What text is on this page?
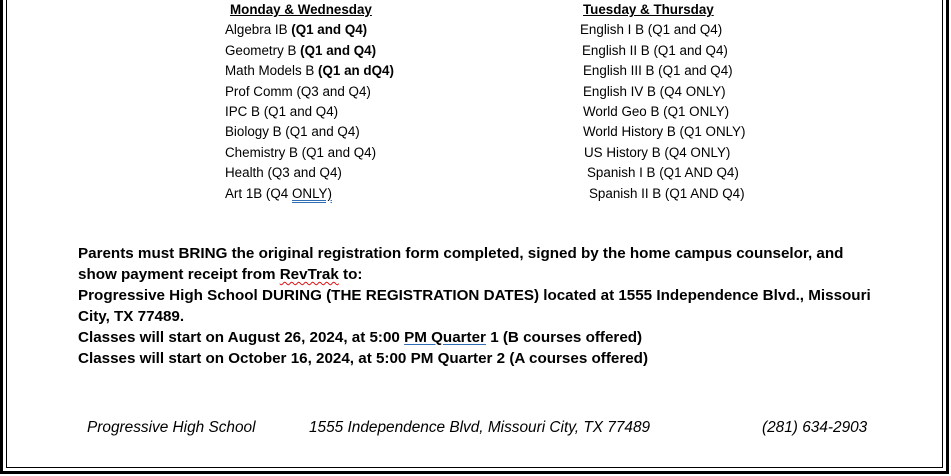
Monday & Wednesday
Algebra IB (Q1 and Q4)
Geometry B (Q1 and Q4)
Math Models B (Q1 an dQ4)
Prof Comm (Q3 and Q4)
IPC B (Q1 and Q4)
Biology B (Q1 and Q4)
Chemistry B (Q1 and Q4)
Health (Q3 and Q4)
Art 1B (Q4 ONLY)
Tuesday & Thursday
English I B (Q1 and Q4)
English II B (Q1 and Q4)
English III B (Q1 and Q4)
English IV B (Q4 ONLY)
World Geo B (Q1 ONLY)
World History B (Q1 ONLY)
US History B (Q4 ONLY)
Spanish I B (Q1 AND Q4)
Spanish II B (Q1 AND Q4)
Parents must BRING the original registration form completed, signed by the home campus counselor, and
show payment receipt from RevTrak to:
Progressive High School DURING (THE REGISTRATION DATES) located at 1555 Independence Blvd., Missouri
City, TX 77489.
Classes will start on August 26, 2024, at 5:00 PM Quarter 1 (B courses offered)
Classes will start on October 16, 2024, at 5:00 PM Quarter 2 (A courses offered)
Progressive High School	1555 Independence Blvd, Missouri City, TX 77489	(281) 634-2903
